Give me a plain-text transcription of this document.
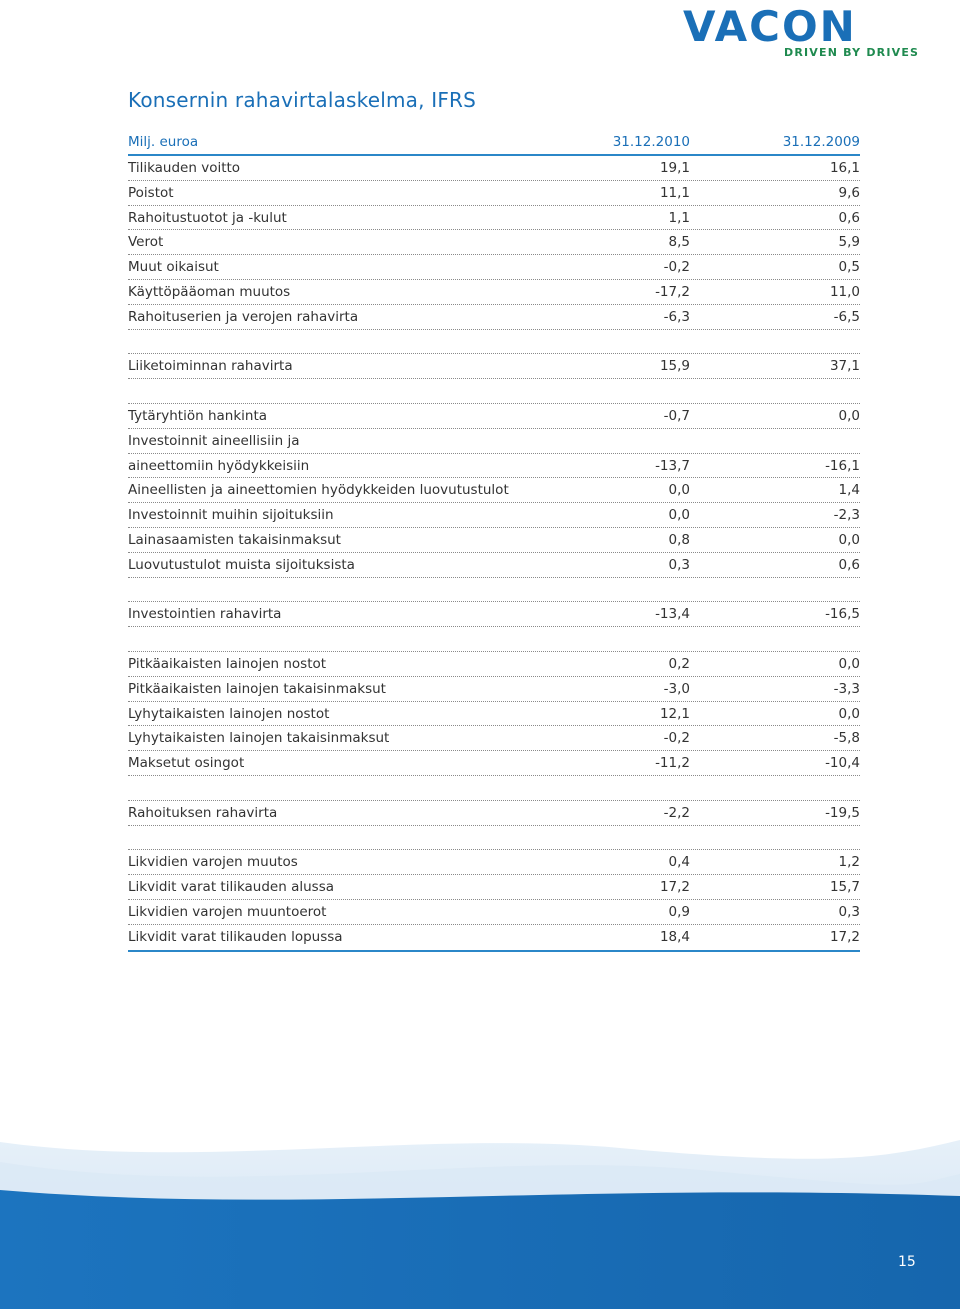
VACON
DRIVEN BY DRIVES
Konsernin rahavirtalaskelma, IFRS
Milj. euroa	31.12.2010	31.12.2009
Tilikauden voitto	19,1	16,1
Poistot	11,1	9,6
Rahoitustuotot ja -kulut	1,1	0,6
Verot	8,5	5,9
Muut oikaisut	-0,2	0,5
Käyttöpääoman muutos	-17,2	11,0
Rahoituserien ja verojen rahavirta	-6,3	-6,5
Liiketoiminnan rahavirta	15,9	37,1
Tytäryhtiön hankinta	-0,7	0,0
Investoinnit aineellisiin ja
aineettomiin hyödykkeisiin	-13,7	-16,1
Aineellisten ja aineettomien hyödykkeiden luovutustulot	0,0	1,4
Investoinnit muihin sijoituksiin	0,0	-2,3
Lainasaamisten takaisinmaksut	0,8	0,0
Luovutustulot muista sijoituksista	0,3	0,6
Investointien rahavirta	-13,4	-16,5
Pitkäaikaisten lainojen nostot	0,2	0,0
Pitkäaikaisten lainojen takaisinmaksut	-3,0	-3,3
Lyhytaikaisten lainojen nostot	12,1	0,0
Lyhytaikaisten lainojen takaisinmaksut	-0,2	-5,8
Maksetut osingot	-11,2	-10,4
Rahoituksen rahavirta	-2,2	-19,5
Likvidien varojen muutos	0,4	1,2
Likvidit varat tilikauden alussa	17,2	15,7
Likvidien varojen muuntoerot	0,9	0,3
Likvidit varat tilikauden lopussa	18,4	17,2
15
